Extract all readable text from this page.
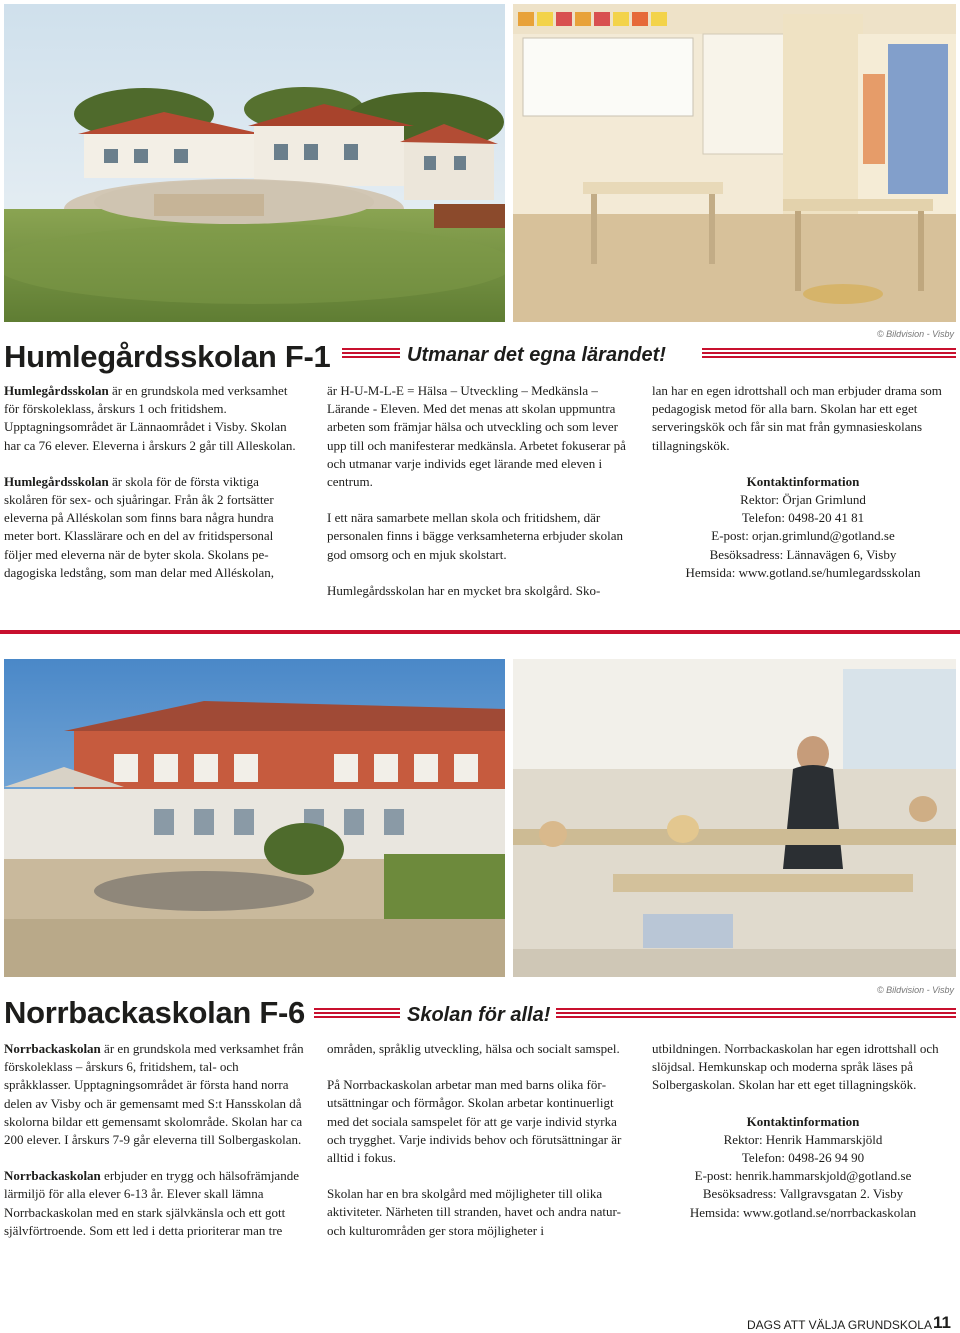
© Bildvision - Visby
Humlegårdsskolan F-1	Utmanar det egna lärandet!

Humlegårdsskolan är en grundskola med verksamhet för förskoleklass, årskurs 1 och fritidshem. Upptagningsområdet är Lännaområdet i Visby. Skolan har ca 76 elever. Eleverna i årskurs 2 går till Alleskolan.

Humlegårdsskolan är skola för de första viktiga skolåren för sex- och sjuåringar. Från åk 2 fortsätter eleverna på Alléskolan som finns bara några hundra meter bort. Klasslärare och en del av fritidspersonal följer med eleverna när de byter skola. Skolans pedagogiska ledstång, som man delar med Alléskolan,

är H-U-M-L-E = Hälsa – Utveckling – Medkänsla – Lärande - Eleven. Med det menas att skolan uppmuntra arbeten som främjar hälsa och utveckling och som lever upp till och manifesterar medkänsla. Arbetet fokuserar på och utmanar varje individs eget lärande med eleven i centrum.

I ett nära samarbete mellan skola och fritidshem, där personalen finns i bägge verksamheterna erbjuder skolan god omsorg och en mjuk skolstart.

Humlegårdsskolan har en mycket bra skolgård. Sko-

lan har en egen idrottshall och man erbjuder drama som pedagogisk metod för alla barn. Skolan har ett eget serveringskök och får sin mat från gymnasieskolans tillagningskök.

Kontaktinformation
Rektor: Örjan Grimlund
Telefon: 0498-20 41 81
E-post: orjan.grimlund@gotland.se
Besöksadress: Lännavägen 6, Visby
Hemsida: www.gotland.se/humlegardsskolan
© Bildvision - Visby
Norrbackaskolan F-6	Skolan för alla!

Norrbackaskolan är en grundskola med verksamhet från förskoleklass – årskurs 6, fritidshem, tal- och språkklasser. Upptagningsområdet är första hand norra delen av Visby och är gemensamt med S:t Hansskolan då skolorna bildar ett gemensamt skolområde. Skolan har ca 200 elever. I årskurs 7-9 går eleverna till Solbergaskolan.

Norrbackaskolan erbjuder en trygg och hälsofrämjande lärmiljö för alla elever 6-13 år. Elever skall lämna Norrbackaskolan med en stark självkänsla och ett gott självförtroende. Som ett led i detta prioriterar man tre

områden, språklig utveckling, hälsa och socialt samspel.

På Norrbackaskolan arbetar man med barns olika förutsättningar och förmågor. Skolan arbetar kontinuerligt med det sociala samspelet för att ge varje individ styrka och trygghet. Varje individs behov och förutsättningar är alltid i fokus.

Skolan har en bra skolgård med möjligheter till olika aktiviteter. Närheten till stranden, havet och andra natur- och kulturområden ger stora möjligheter i

utbildningen. Norrbackaskolan har egen idrottshall och slöjdsal. Hemkunskap och moderna språk läses på Solbergaskolan. Skolan har ett eget tillagningskök.

Kontaktinformation
Rektor: Henrik Hammarskjöld
Telefon: 0498-26 94 90
E-post: henrik.hammarskjold@gotland.se
Besöksadress: Vallgravsgatan 2. Visby
Hemsida: www.gotland.se/norrbackaskolan
DAGS ATT VÄLJA GRUNDSKOLA 11
